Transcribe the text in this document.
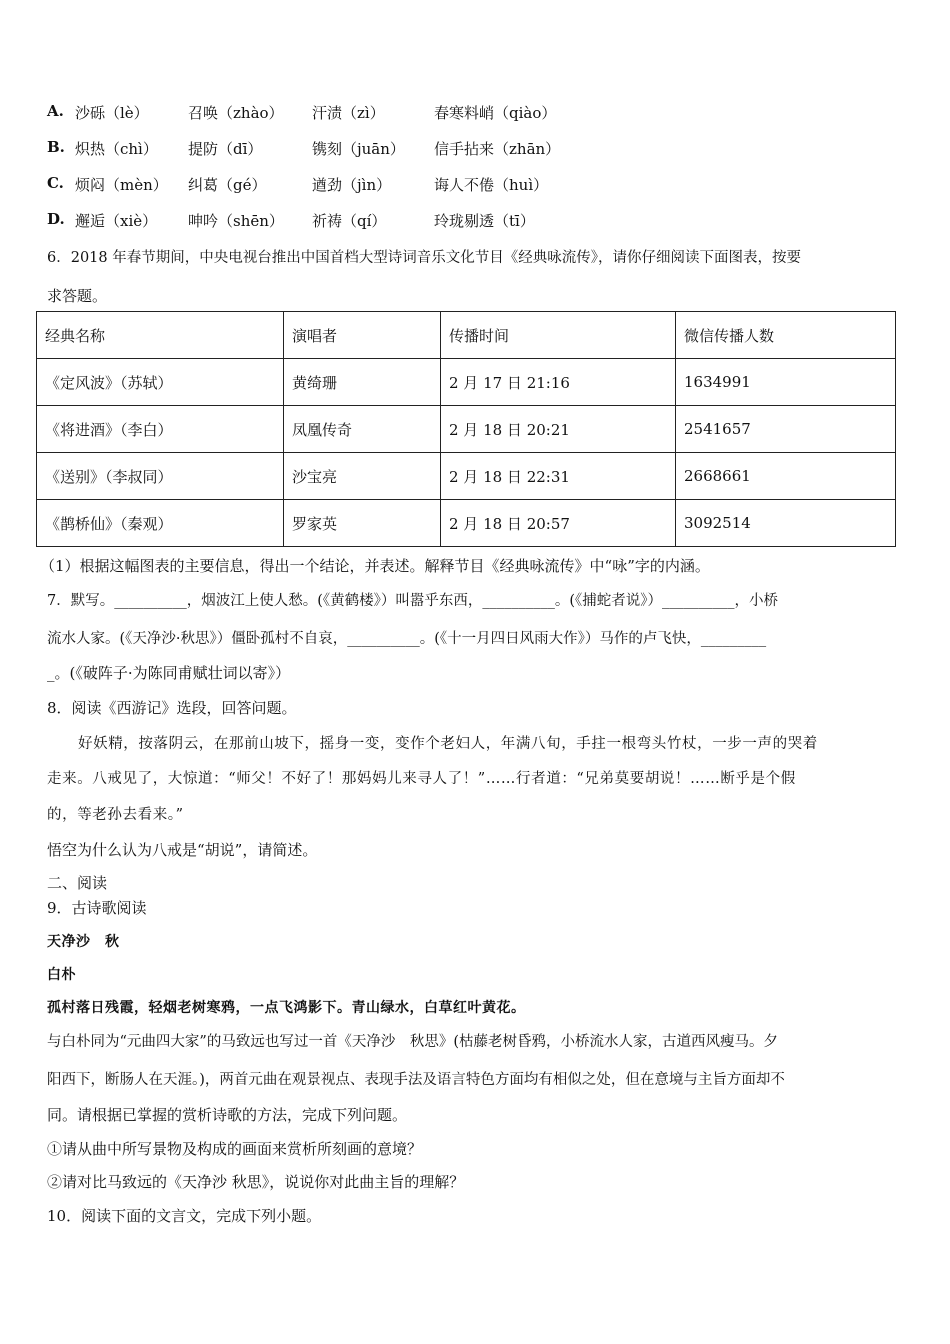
A. 沙砾（lè）	召唤（zhào） 汗渍（zì）	春寒料峭（qiào）
B. 炽热（chì） 提防（dī）	镌刻（juān） 信手拈来（zhān）
C. 烦闷（mèn） 纠葛（gé）	遒劲（jìn）	诲人不倦（huì）
D. 邂逅（xiè） 呻吟（shēn） 祈祷（qí）	玲珑剔透（tī）
6．2018 年春节期间，中央电视台推出中国首档大型诗词音乐文化节目《经典咏流传》，请你仔细阅读下面图表，按要
求答题。
经典名称	演唱者	传播时间	微信传播人数
《定风波》（苏轼）	黄绮珊	2 月 17 日 21:16	1634991
《将进酒》（李白）	凤凰传奇	2 月 18 日 20:21	2541657
《送别》（李叔同）	沙宝亮	2 月 18 日 22:31	2668661
《鹊桥仙》（秦观）	罗家英	2 月 18 日 20:57	3092514
（1）根据这幅图表的主要信息，得出一个结论，并表述。解释节目《经典咏流传》中“咏”字的内涵。
7．默写。__________，烟波江上使人愁。(《黄鹤楼》）叫嚣乎东西，__________。(《捕蛇者说》）__________，小桥
流水人家。(《天净沙·秋思》）僵卧孤村不自哀，__________。(《十一月四日风雨大作》）马作的卢飞快，_________
_。(《破阵子·为陈同甫赋壮词以寄》）
8．阅读《西游记》选段，回答问题。
好妖精，按落阴云，在那前山坡下，摇身一变，变作个老妇人，年满八旬，手拄一根弯头竹杖，一步一声的哭着
走来。八戒见了，大惊道：“师父！不好了！那妈妈儿来寻人了！”……行者道：“兄弟莫要胡说！……断乎是个假
的，等老孙去看来。”
悟空为什么认为八戒是“胡说”，请简述。
二、阅读
9．古诗歌阅读
天净沙　秋
白朴
孤村落日残霞，轻烟老树寒鸦，一点飞鸿影下。青山绿水，白草红叶黄花。
与白朴同为“元曲四大家”的马致远也写过一首《天净沙　秋思》(枯藤老树昏鸦，小桥流水人家，古道西风瘦马。夕
阳西下，断肠人在天涯。)，两首元曲在观景视点、表现手法及语言特色方面均有相似之处，但在意境与主旨方面却不
同。请根据已掌握的赏析诗歌的方法，完成下列问题。
①请从曲中所写景物及构成的画面来赏析所刻画的意境？
②请对比马致远的《天净沙 秋思》，说说你对此曲主旨的理解？
10．阅读下面的文言文，完成下列小题。
